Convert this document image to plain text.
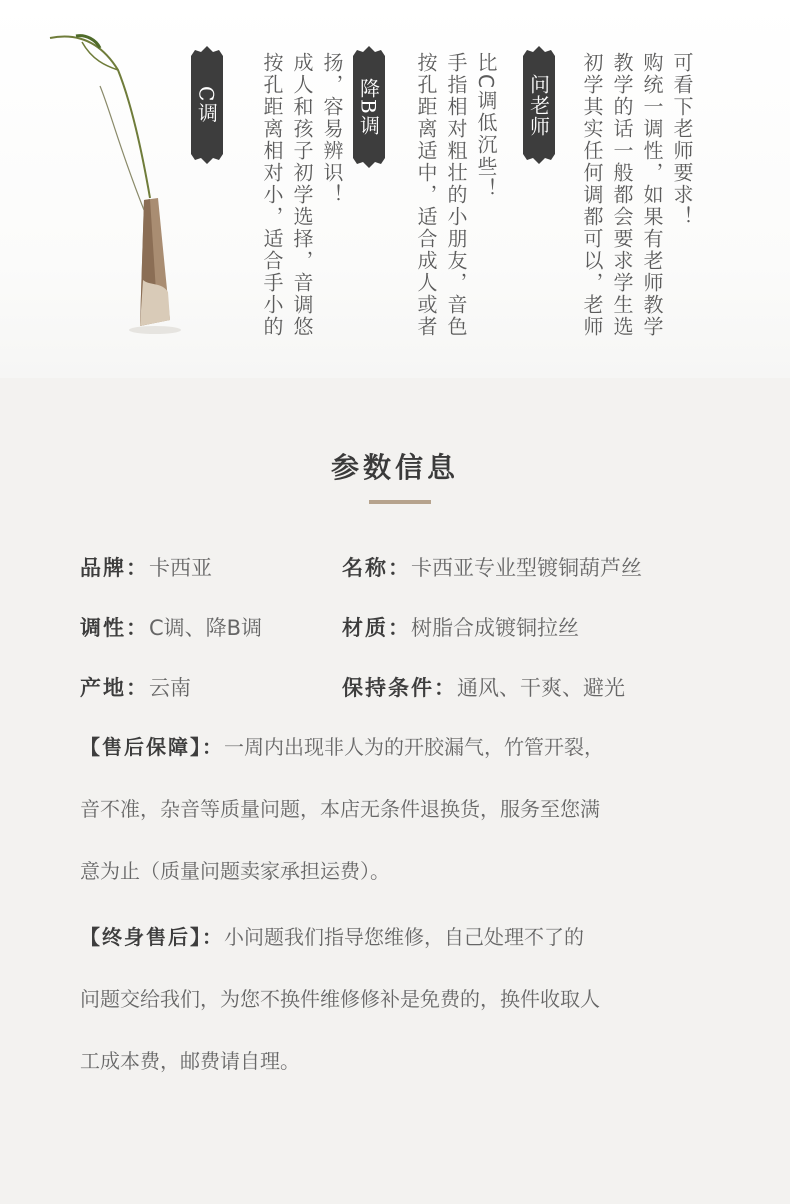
C调 按孔距离相对小，适合手小的 成人和孩子初学选择，音调悠 扬，容易辨识！ 降B调 按孔距离适中，适合成人或者 手指相对粗壮的小朋友，音色 比C调低沉些！ 问老师 初学其实任何调都可以，老师 教学的话一般都会要求学生选 购统一调性，如果有老师教学 可看下老师要求！
参数信息
品牌：卡西亚	名称：卡西亚专业型镀铜葫芦丝
调性：C调、降B调	材质：树脂合成镀铜拉丝
产地：云南	保持条件：通风、干爽、避光
【售后保障】：一周内出现非人为的开胶漏气，竹管开裂，
音不准，杂音等质量问题，本店无条件退换货，服务至您满
意为止（质量问题卖家承担运费）。
【终身售后】：小问题我们指导您维修，自己处理不了的
问题交给我们，为您不换件维修修补是免费的，换件收取人
工成本费，邮费请自理。
